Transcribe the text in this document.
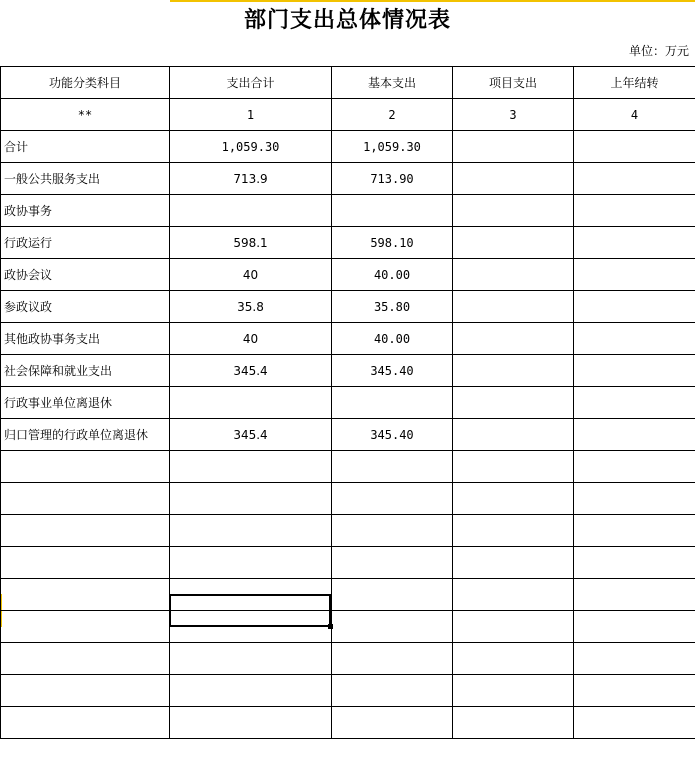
部门支出总体情况表
单位：万元
功能分类科目	支出合计	基本支出	项目支出	上年结转
**	1	2	3	4
合计	1,059.30	1,059.30		
一般公共服务支出	713.9	713.90		
政协事务				
行政运行	598.1	598.10		
政协会议	40	40.00		
参政议政	35.8	35.80		
其他政协事务支出	40	40.00		
社会保障和就业支出	345.4	345.40		
行政事业单位离退休				
归口管理的行政单位离退休	345.4	345.40		
